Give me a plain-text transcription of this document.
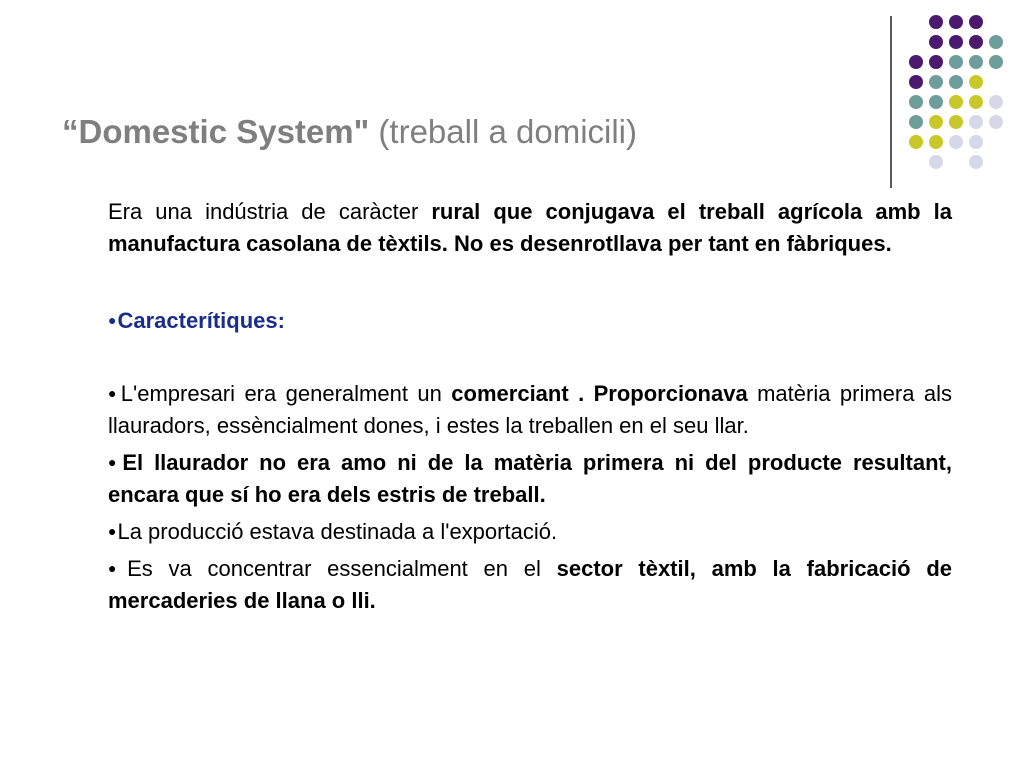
“Domestic System" (treball a domicili)

Era una indústria de caràcter rural que conjugava el treball agrícola amb la manufactura casolana de tèxtils. No es desenrotllava per tant en fàbriques.

●Caracterítiques:

●L'empresari era generalment un comerciant . Proporcionava matèria primera als llauradors, essèncialment dones, i estes la treballen en el seu llar.

●El llaurador no era amo ni de la matèria primera ni del producte resultant, encara que sí ho era dels estris de treball.

●La producció estava destinada a l'exportació.

●Es va concentrar essencialment en el sector tèxtil, amb la fabricació de mercaderies de llana o lli.
